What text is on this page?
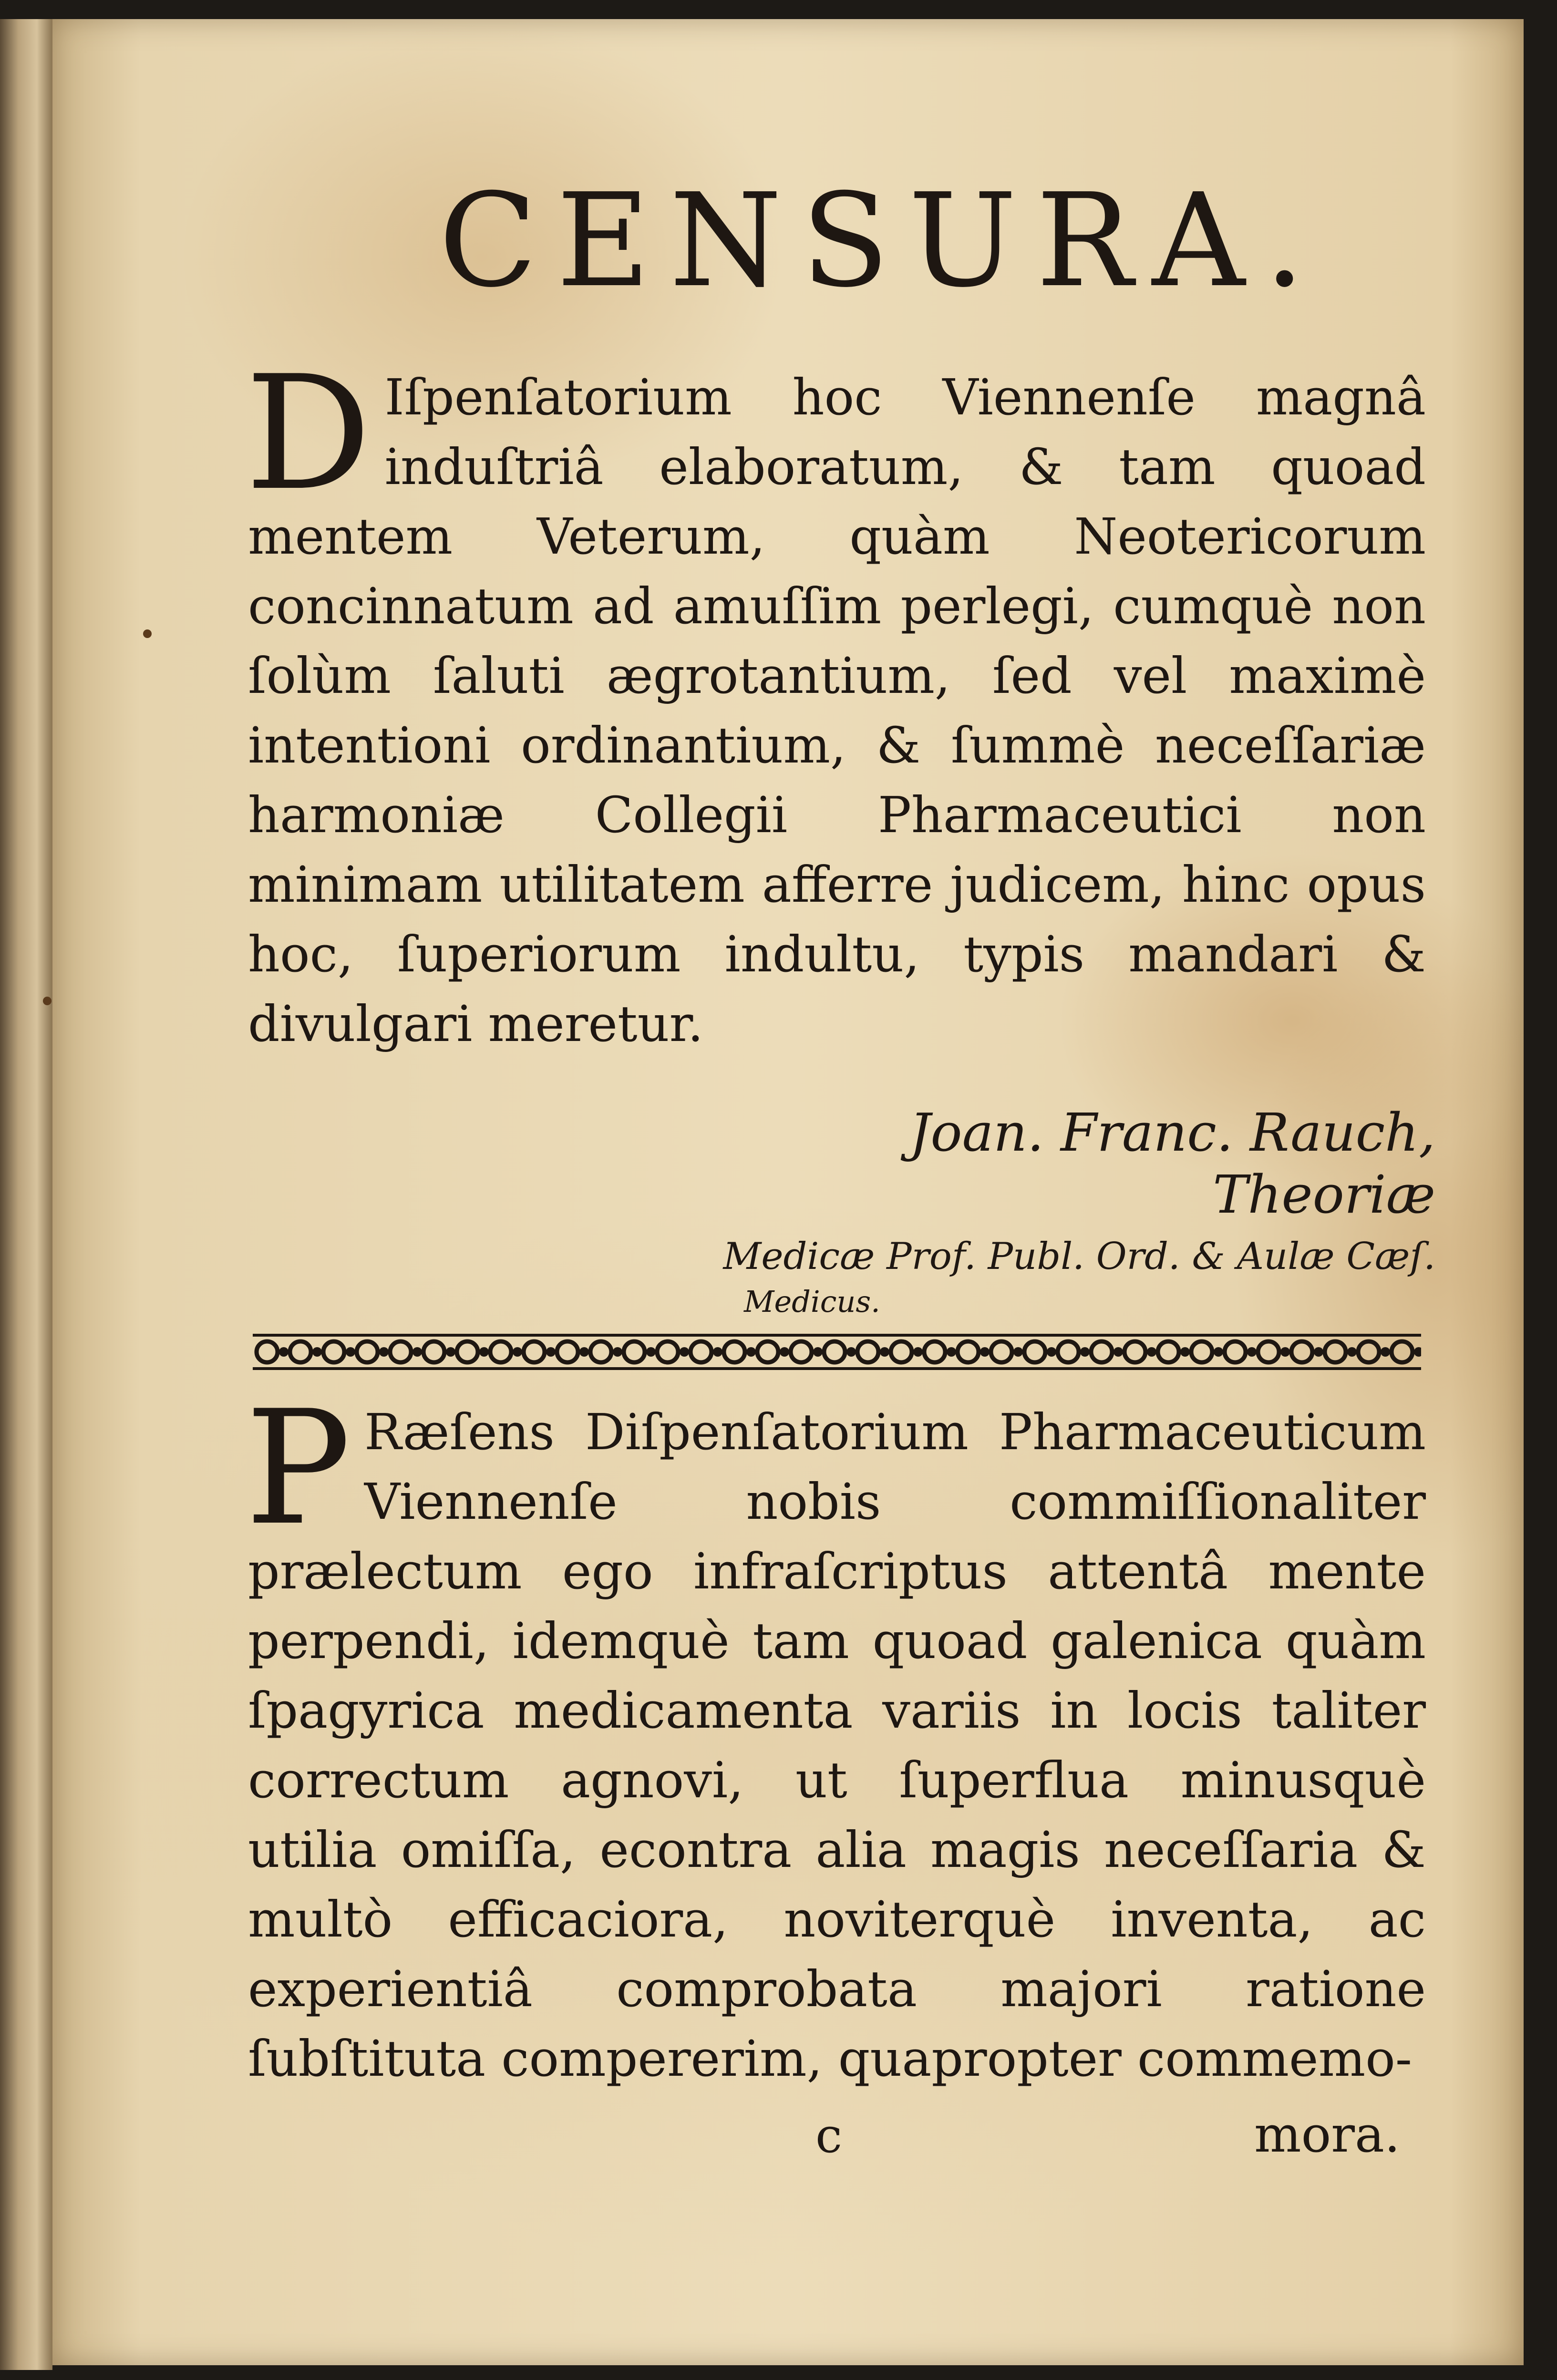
CENSURA.
D Iſpenſatorium hoc Viennenſe magnâ induſtriâ elaboratum, & tam quoad mentem Veterum, quàm Neotericorum concinnatum ad amuſſim perlegi, cumquè non ſolùm ſaluti ægrotantium, ſed vel maximè intentioni ordinantium, & ſummè neceſſariæ harmoniæ Collegii Pharmaceutici non minimam utilitatem afferre judicem, hinc opus hoc, ſuperiorum indultu, typis mandari & divulgari meretur.
Joan. Franc. Rauch, Theoriæ
Medicæ Prof. Publ. Ord. & Aulæ Cæſ.
Medicus.
P Ræſens Diſpenſatorium Pharmaceuticum Viennenſe nobis commiſſionaliter prælectum ego infraſcriptus attentâ mente perpendi, idemquè tam quoad galenica quàm ſpagyrica medicamenta variis in locis taliter correctum agnovi, ut ſuperflua minusquè utilia omiſſa, econtra alia magis neceſſaria & multò efficaciora, noviterquè inventa, ac experientiâ comprobata majori ratione ſubſtituta compererim, quapropter commemo-
c	mora.
